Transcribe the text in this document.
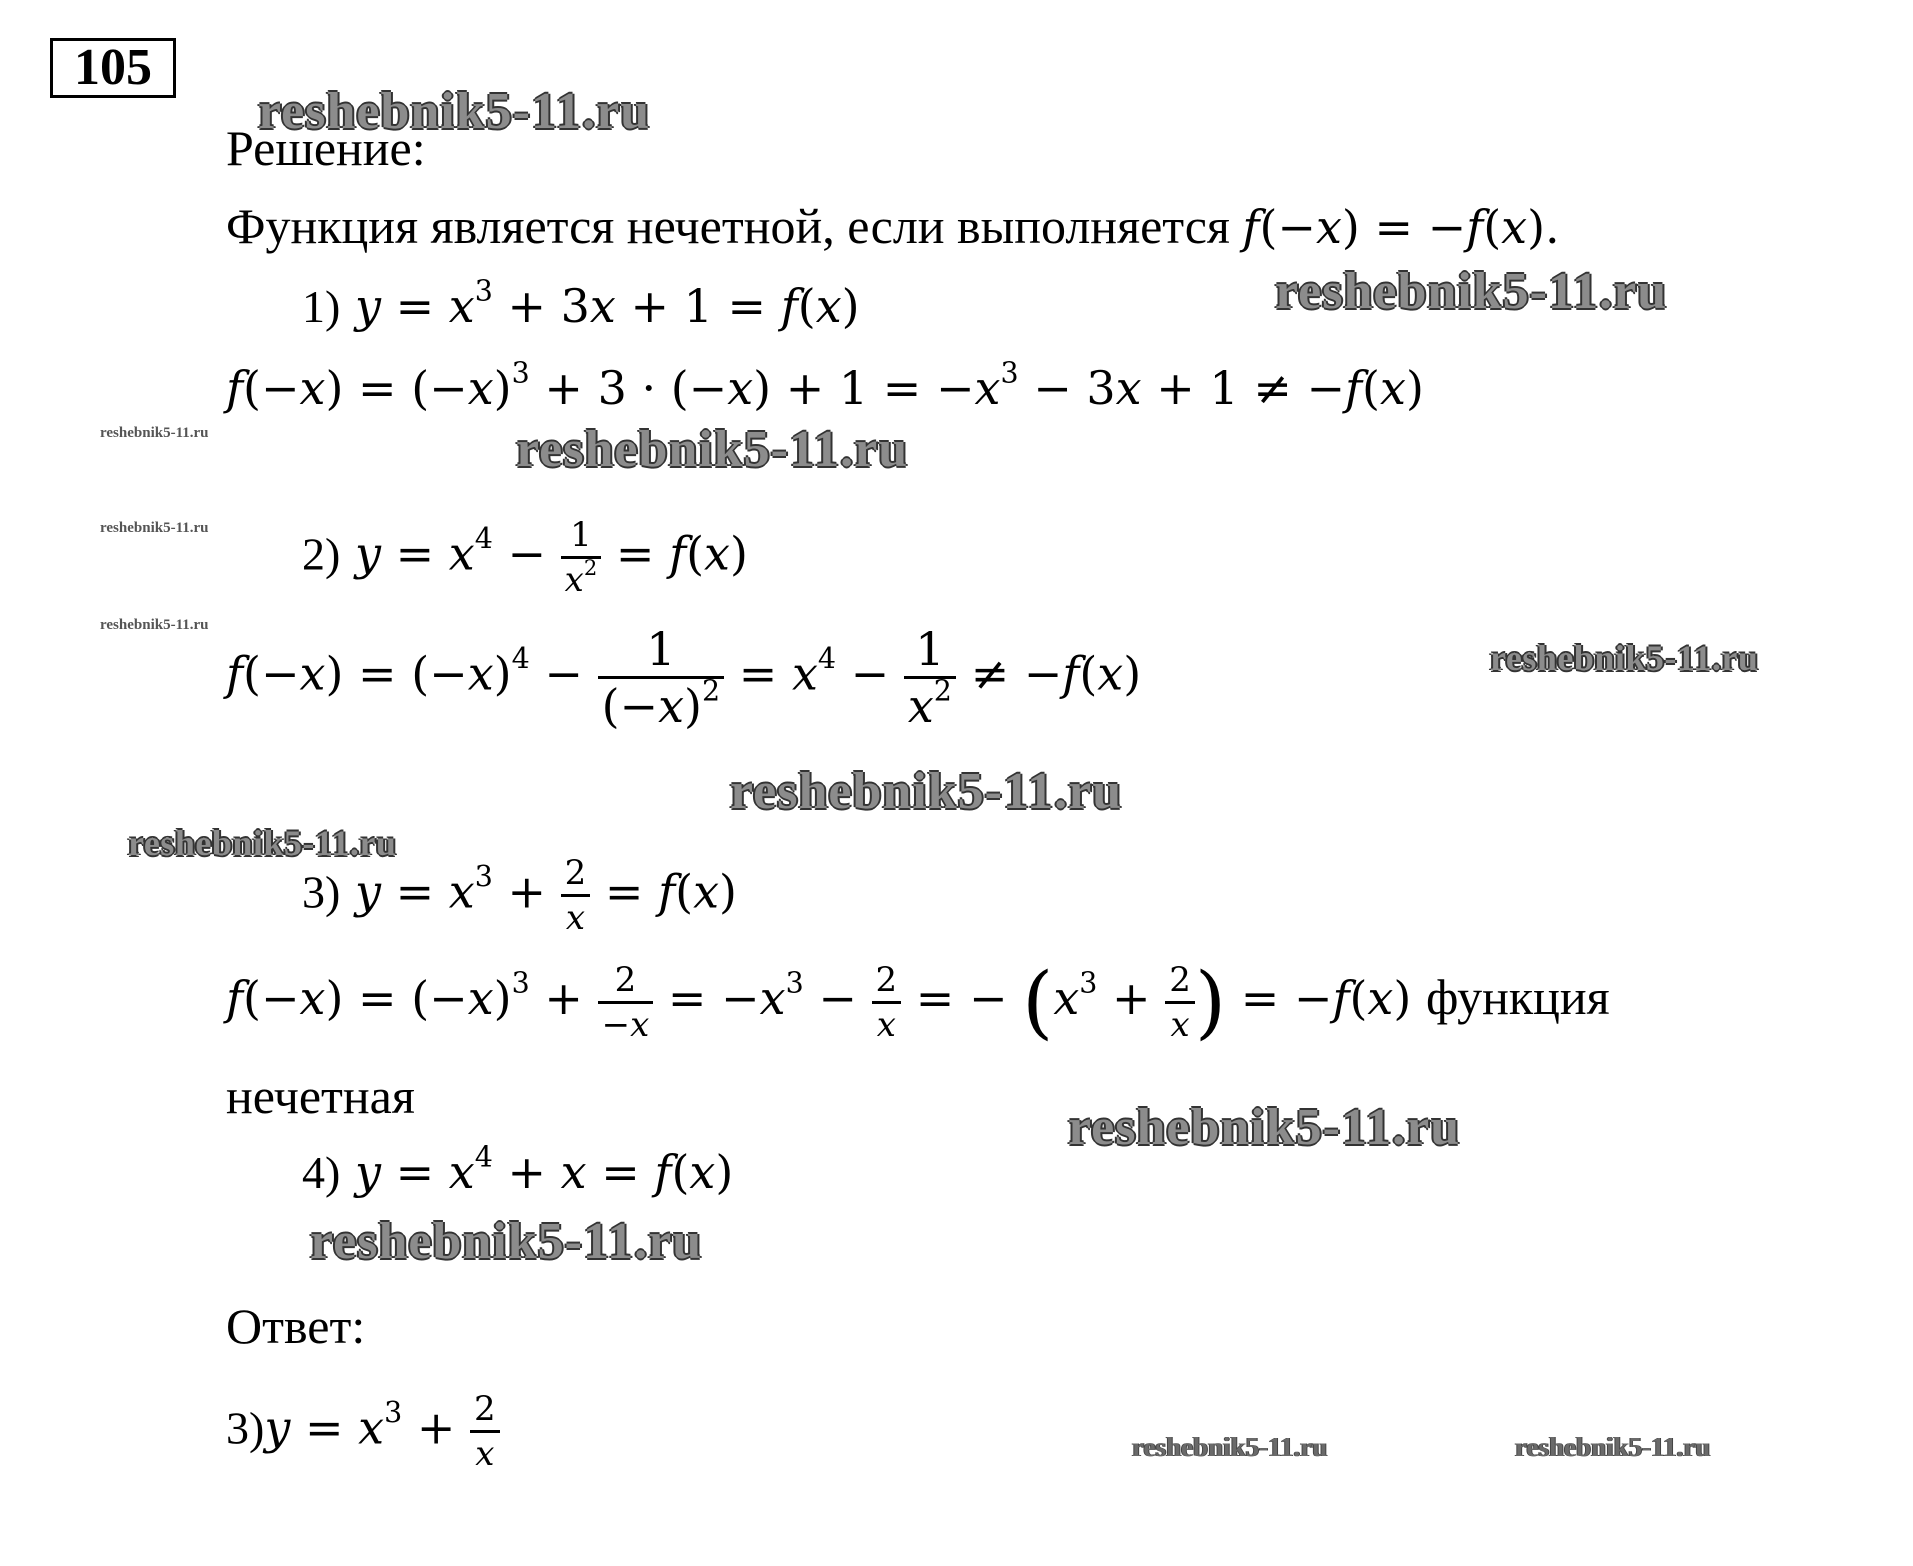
105
reshebnik5-11.ru
reshebnik5-11.ru
reshebnik5-11.ru	reshebnik5-11.ru
reshebnik5-11.ru
reshebnik5-11.ru
reshebnik5-11.ru
reshebnik5-11.ru
reshebnik5-11.ru
reshebnik5-11.ru
reshebnik5-11.ru
reshebnik5-11.ru	reshebnik5-11.ru
Решение:
Функция является нечетной, если выполняется f(−x) = −f(x).
1) $y = x^3 + 3x + 1 = f(x)$
$f(-x) = (-x)^3 + 3 \cdot (-x) + 1 = -x^3 - 3x + 1 \ne -f(x)$
2) $y = x^4 - \frac{1}{x^2} = f(x)$
$f(-x) = (-x)^4 - \frac{1}{(-x)^2} = x^4 - \frac{1}{x^2} \ne -f(x)$
3) $y = x^3 + \frac{2}{x} = f(x)$
$f(-x) = (-x)^3 + \frac{2}{-x} = -x^3 - \frac{2}{x}$ = − ($x^3 + \frac{2}{x}$ ) = −f(x) функция
нечетная
4) $y = x^4 + x = f(x)$
Ответ:
$3)y = x^3 + \frac{2}{x}$
